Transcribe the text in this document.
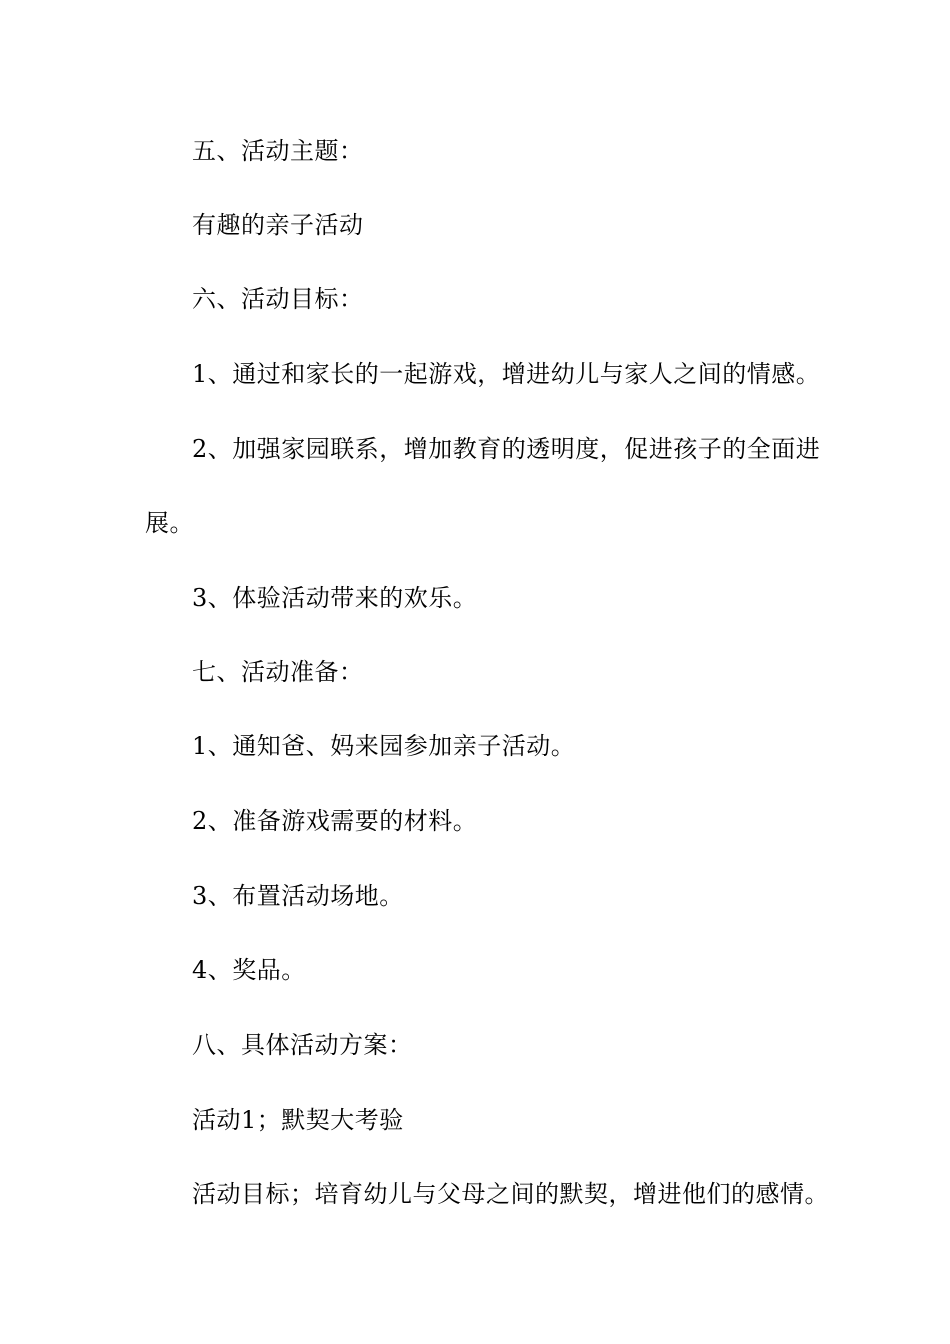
五、活动主题：
有趣的亲子活动
六、活动目标：
1、通过和家长的一起游戏，增进幼儿与家人之间的情感。
2、加强家园联系，增加教育的透明度，促进孩子的全面进
展。
3、体验活动带来的欢乐。
七、活动准备：
1、通知爸、妈来园参加亲子活动。
2、准备游戏需要的材料。
3、布置活动场地。
4、奖品。
八、具体活动方案：
活动1；默契大考验
活动目标；培育幼儿与父母之间的默契，增进他们的感情。
